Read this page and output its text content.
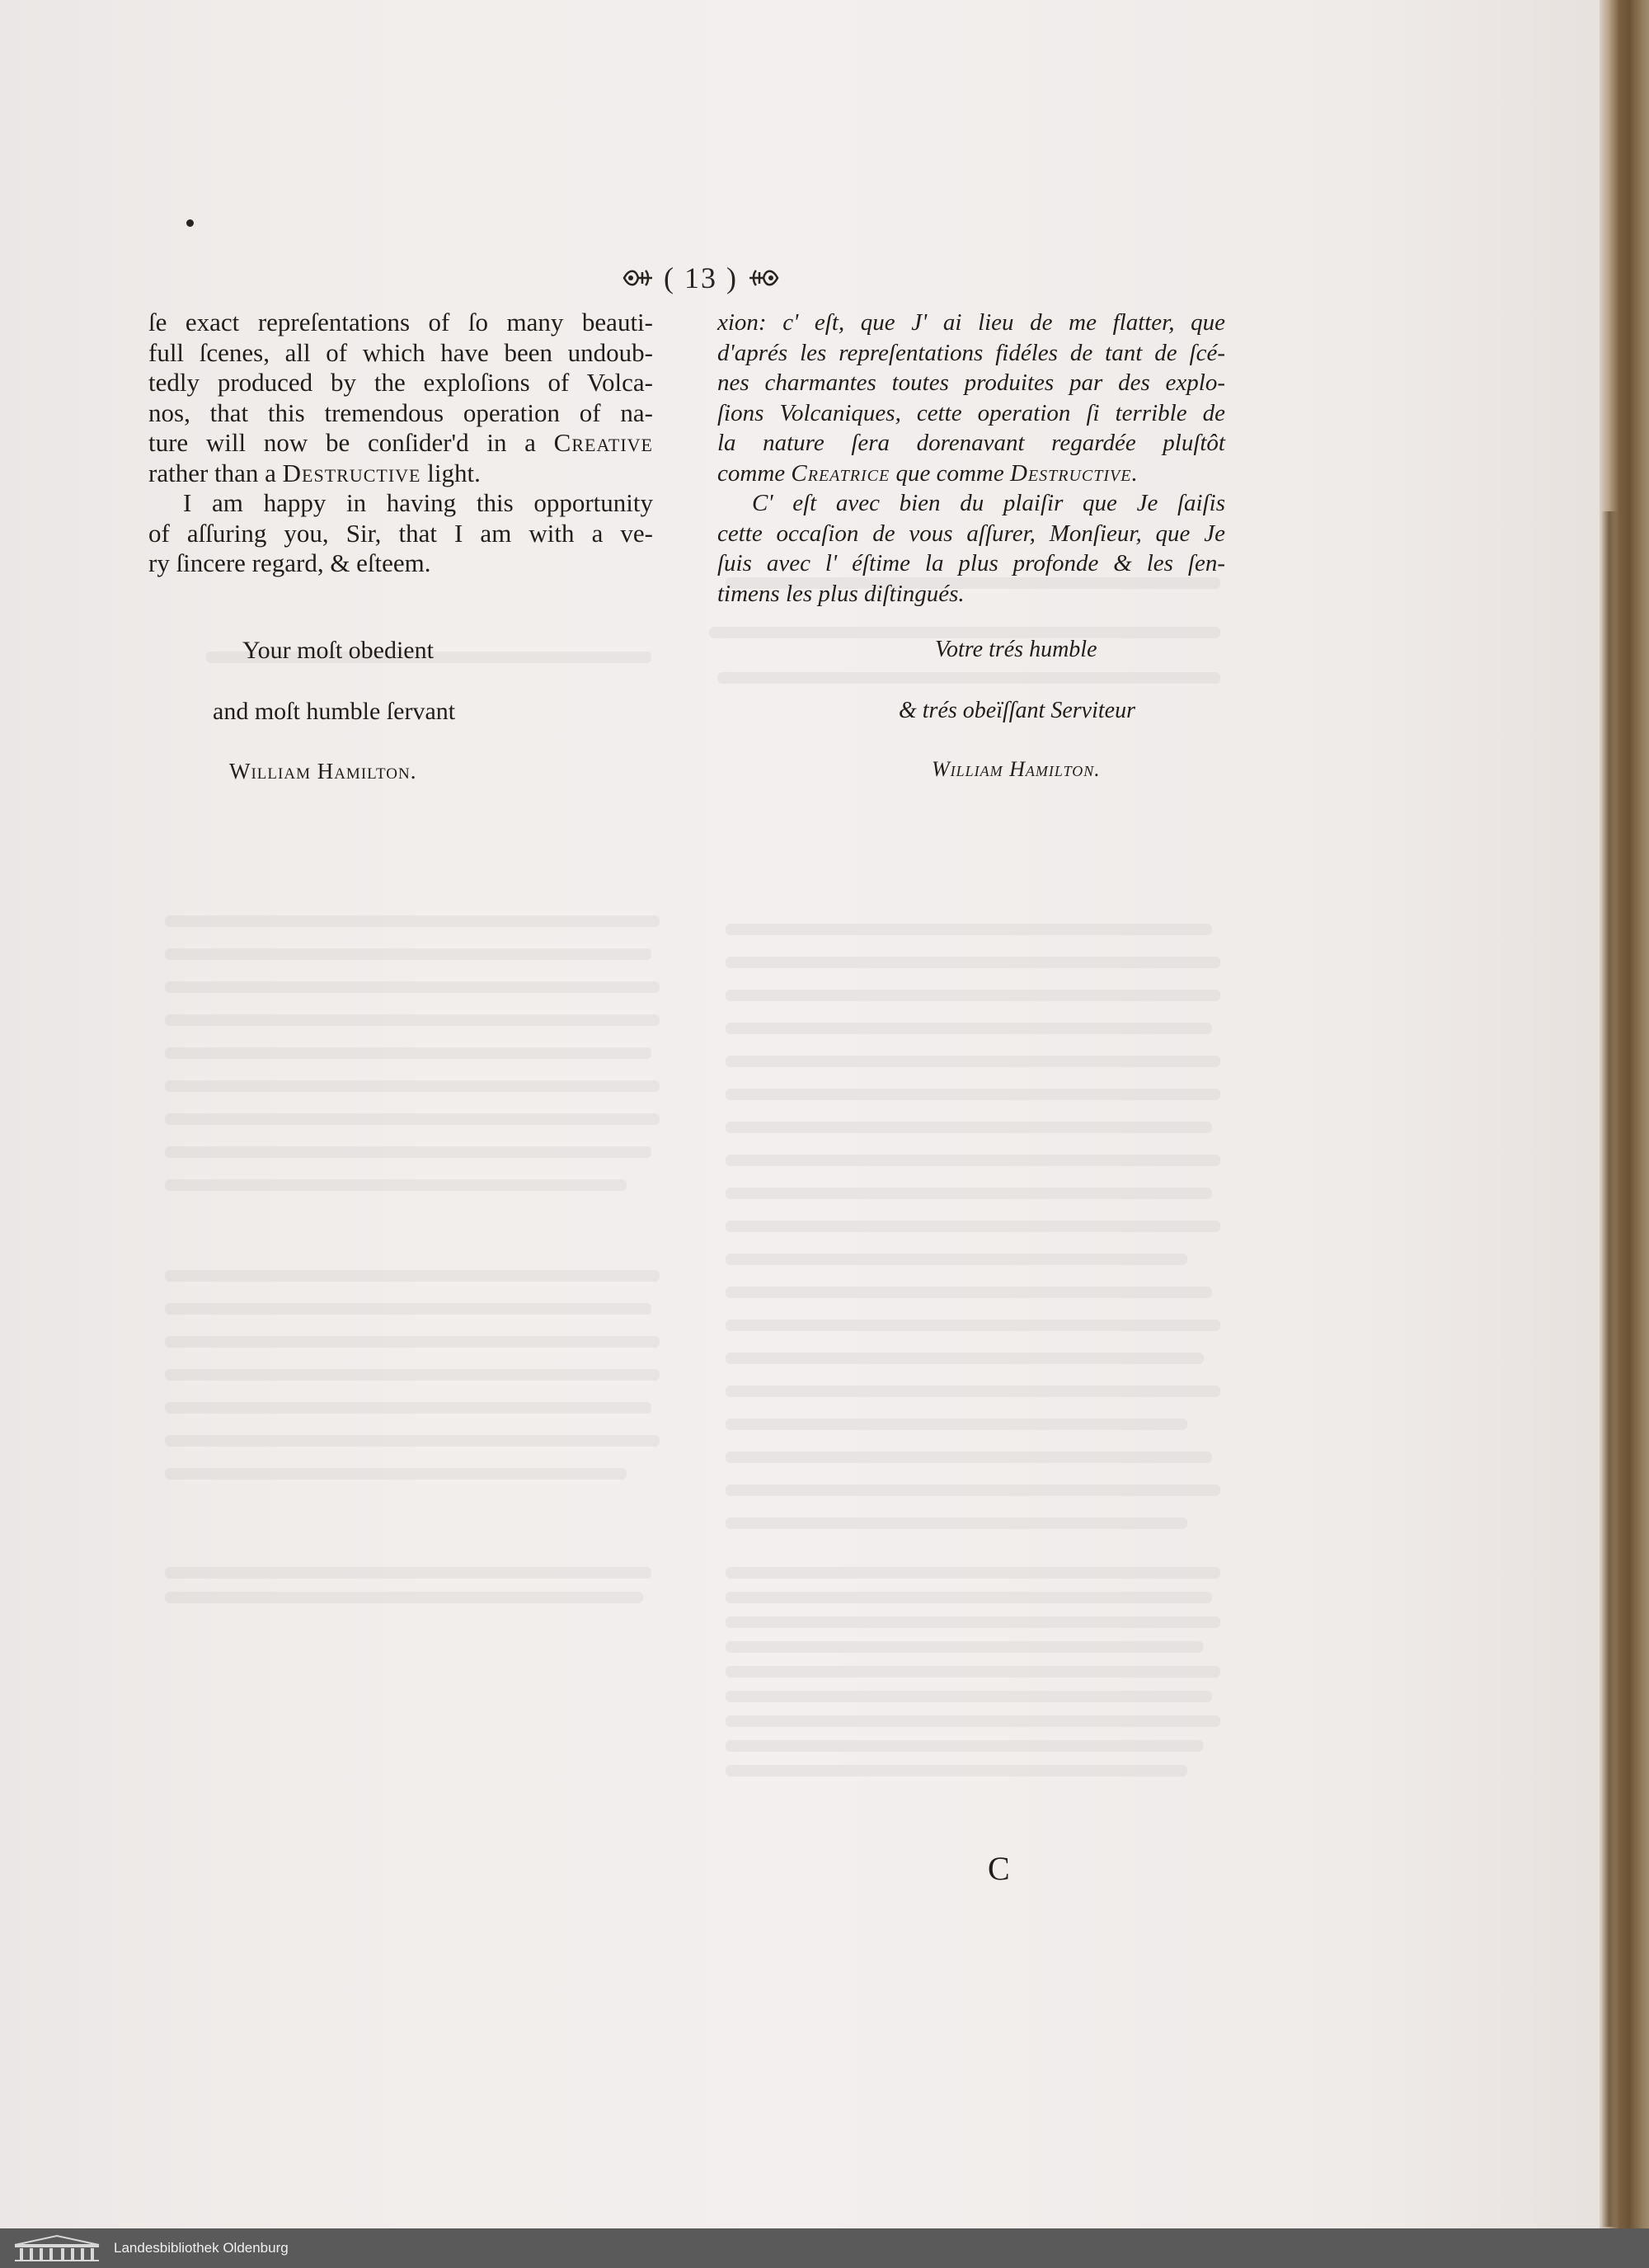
( 13 )
ſe exact repreſentations of ſo many beauti-
full ſcenes, all of which have been undoub-
tedly produced by the exploſions of Volca-
nos, that this tremendous operation of na-
ture will now be conſider'd in a Creative
rather than a Destructive light.
I am happy in having this opportunity
of aſſuring you, Sir, that I am with a ve-
ry ſincere regard, & eſteem.
Your moſt obedient
and moſt humble ſervant
William Hamilton.
xion: c' eſt, que J' ai lieu de me flatter, que
d'aprés les repreſentations fidéles de tant de ſcé-
nes charmantes toutes produites par des explo-
ſions Volcaniques, cette operation ſi terrible de
la nature ſera dorenavant regardée pluſtôt
comme Creatrice que comme Destructive.
C' eſt avec bien du plaiſir que Je ſaiſis
cette occaſion de vous aſſurer, Monſieur, que Je
ſuis avec l' éſtime la plus profonde & les ſen-
timens les plus diſtingués.
Votre trés humble
& trés obeïſſant Serviteur
William Hamilton.
C
Landesbibliothek Oldenburg
